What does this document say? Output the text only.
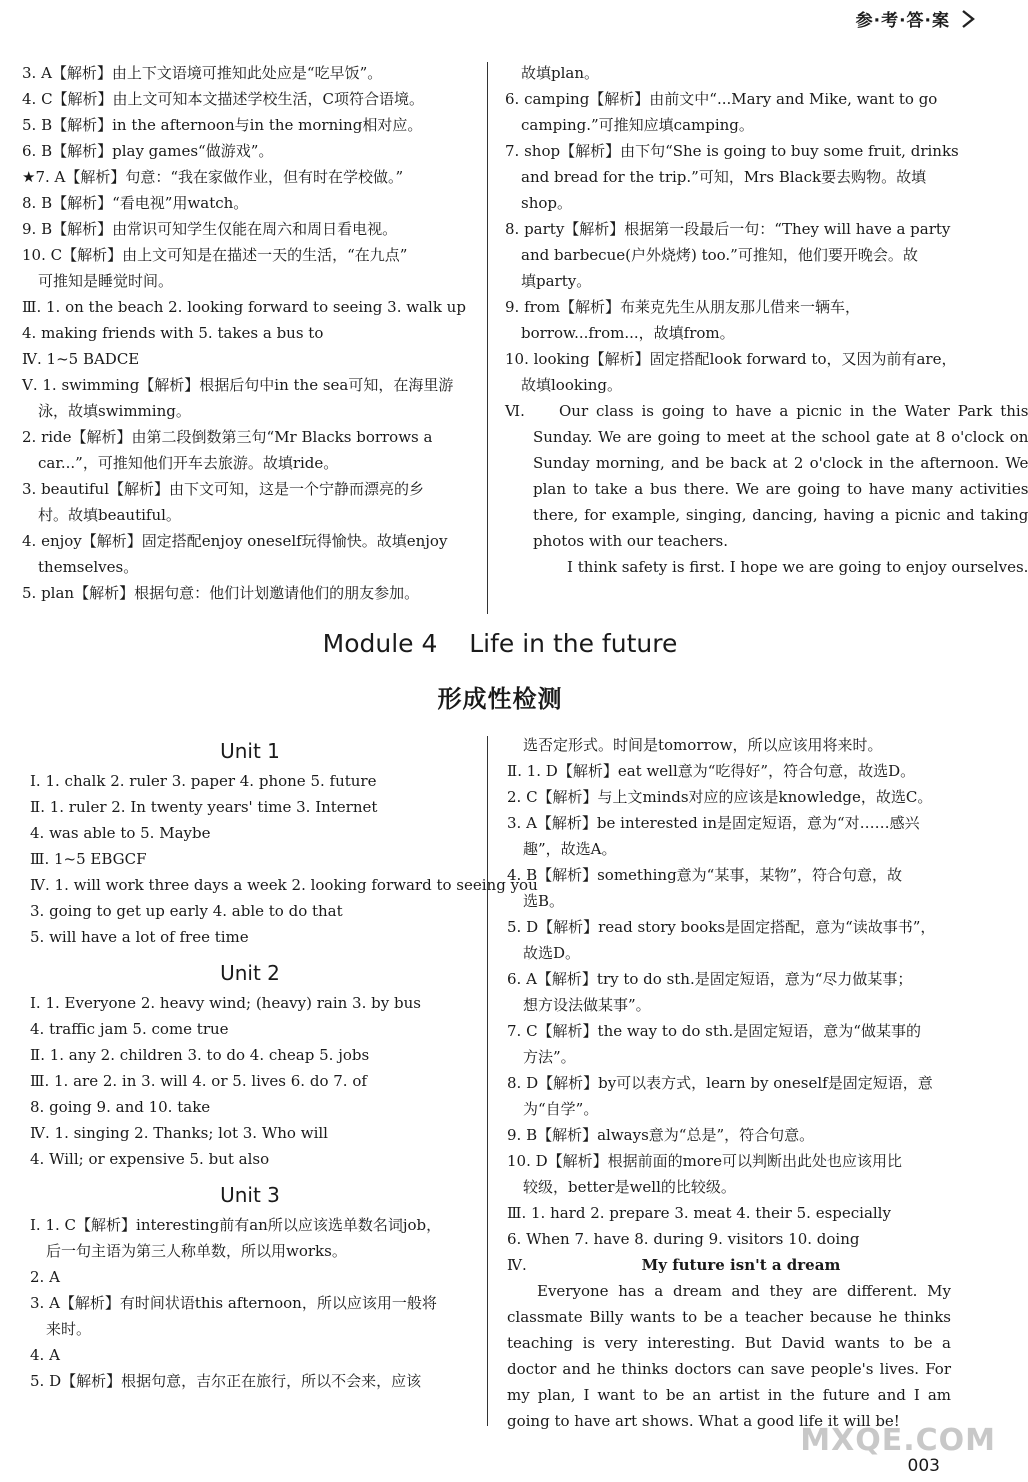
参·考·答·案
3. A【解析】由上下文语境可推知此处应是“吃早饭”。
4. C【解析】由上文可知本文描述学校生活，C项符合语境。
5. B【解析】in the afternoon与in the morning相对应。
6. B【解析】play games“做游戏”。
★7. A【解析】句意：“我在家做作业，但有时在学校做。”
8. B【解析】“看电视”用watch。
9. B【解析】由常识可知学生仅能在周六和周日看电视。
10. C【解析】由上文可知是在描述一天的生活，“在九点”
可推知是睡觉时间。
Ⅲ. 1. on the beach 2. looking forward to seeing 3. walk up
4. making friends with 5. takes a bus to
Ⅳ. 1~5 BADCE
Ⅴ. 1. swimming【解析】根据后句中in the sea可知，在海里游
泳，故填swimming。
2. ride【解析】由第二段倒数第三句“Mr Blacks borrows a
car...”，可推知他们开车去旅游。故填ride。
3. beautiful【解析】由下文可知，这是一个宁静而漂亮的乡
村。故填beautiful。
4. enjoy【解析】固定搭配enjoy oneself玩得愉快。故填enjoy
themselves。
5. plan【解析】根据句意：他们计划邀请他们的朋友参加。
故填plan。
6. camping【解析】由前文中“...Mary and Mike, want to go
camping.”可推知应填camping。
7. shop【解析】由下句“She is going to buy some fruit, drinks
and bread for the trip.”可知，Mrs Black要去购物。故填
shop。
8. party【解析】根据第一段最后一句：“They will have a party
and barbecue(户外烧烤) too.”可推知，他们要开晚会。故
填party。
9. from【解析】布莱克先生从朋友那儿借来一辆车，
borrow...from...，故填from。
10. looking【解析】固定搭配look forward to，又因为前有are，
故填looking。
Ⅵ.	Our class is going to have a picnic in the Water Park this Sunday. We are going to meet at the school gate at 8 o'clock on Sunday morning, and be back at 2 o'clock in the afternoon. We plan to take a bus there. We are going to have many activities there, for example, singing, dancing, having a picnic and taking photos with our teachers.
I think safety is first. I hope we are going to enjoy ourselves.
Module 4    Life in the future
形成性检测
Unit 1
Ⅰ. 1. chalk 2. ruler 3. paper 4. phone 5. future
Ⅱ. 1. ruler 2. In twenty years' time 3. Internet
4. was able to 5. Maybe
Ⅲ. 1~5 EBGCF
Ⅳ. 1. will work three days a week 2. looking forward to seeing you
3. going to get up early 4. able to do that
5. will have a lot of free time
Unit 2
Ⅰ. 1. Everyone 2. heavy wind; (heavy) rain 3. by bus
4. traffic jam 5. come true
Ⅱ. 1. any 2. children 3. to do 4. cheap 5. jobs
Ⅲ. 1. are 2. in 3. will 4. or 5. lives 6. do 7. of
8. going 9. and 10. take
Ⅳ. 1. singing 2. Thanks; lot 3. Who will
4. Will; or expensive 5. but also
Unit 3
Ⅰ. 1. C【解析】interesting前有an所以应该选单数名词job，
后一句主语为第三人称单数，所以用works。
2. A
3. A【解析】有时间状语this afternoon，所以应该用一般将
来时。
4. A
5. D【解析】根据句意，吉尔正在旅行，所以不会来，应该
选否定形式。时间是tomorrow，所以应该用将来时。
Ⅱ. 1. D【解析】eat well意为“吃得好”，符合句意，故选D。
2. C【解析】与上文minds对应的应该是knowledge，故选C。
3. A【解析】be interested in是固定短语，意为“对……感兴
趣”，故选A。
4. B【解析】something意为“某事，某物”，符合句意，故
选B。
5. D【解析】read story books是固定搭配，意为“读故事书”，
故选D。
6. A【解析】try to do sth.是固定短语，意为“尽力做某事；
想方设法做某事”。
7. C【解析】the way to do sth.是固定短语，意为“做某事的
方法”。
8. D【解析】by可以表方式，learn by oneself是固定短语，意
为“自学”。
9. B【解析】always意为“总是”，符合句意。
10. D【解析】根据前面的more可以判断出此处也应该用比
较级，better是well的比较级。
Ⅲ. 1. hard 2. prepare 3. meat 4. their 5. especially
6. When 7. have 8. during 9. visitors 10. doing
Ⅳ.	My future isn't a dream
Everyone has a dream and they are different. My classmate Billy wants to be a teacher because he thinks teaching is very interesting. But David wants to be a doctor and he thinks doctors can save people's lives. For my plan, I want to be an artist in the future and I am going to have art shows. What a good life it will be!
MXQE.COM
003
